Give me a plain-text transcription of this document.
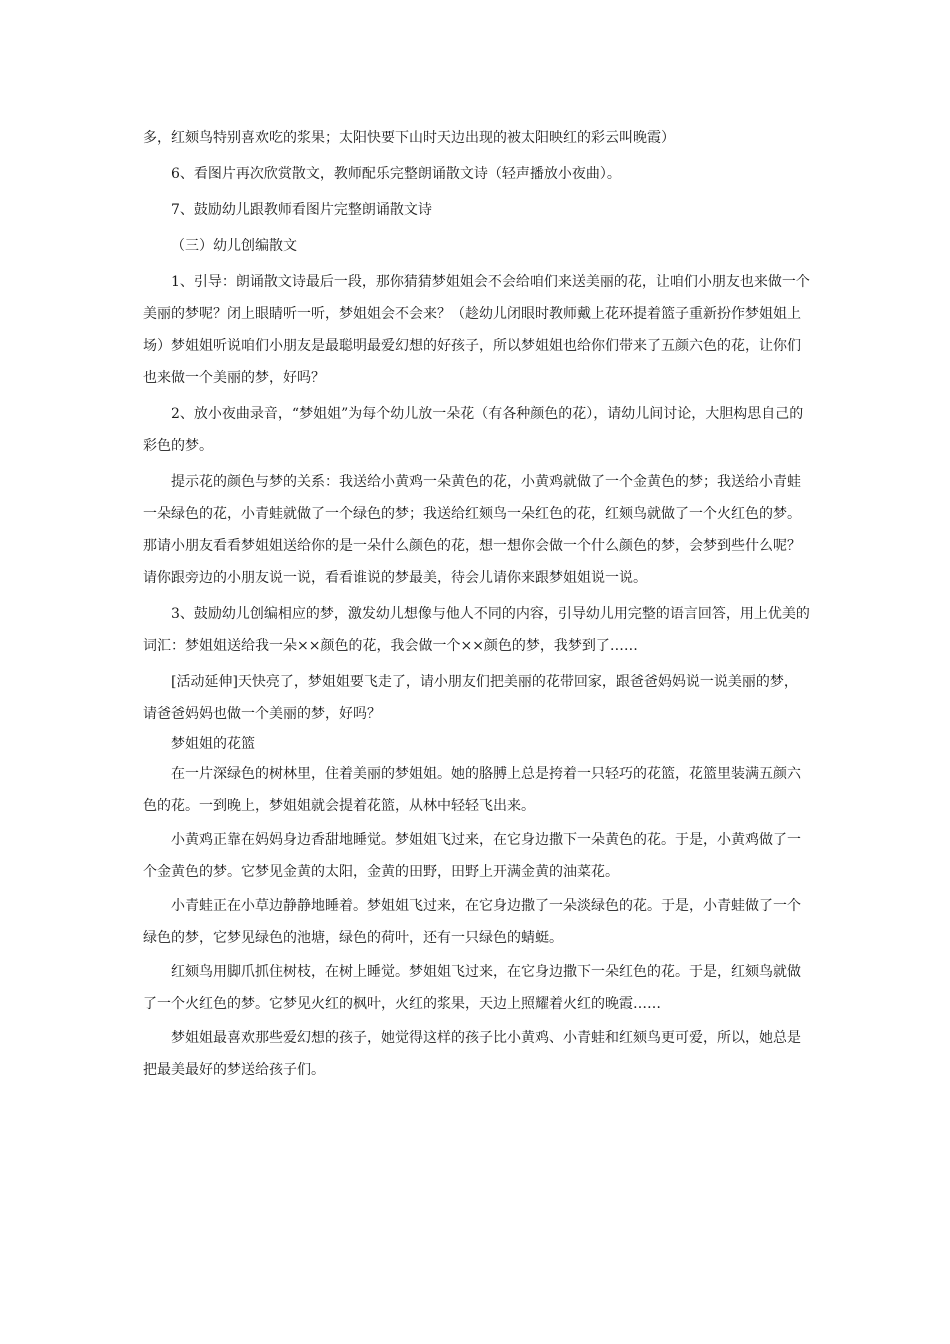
多，红颏鸟特别喜欢吃的浆果；太阳快要下山时天边出现的被太阳映红的彩云叫晚霞）

6、看图片再次欣赏散文，教师配乐完整朗诵散文诗（轻声播放小夜曲）。

7、鼓励幼儿跟教师看图片完整朗诵散文诗

（三）幼儿创编散文

1、引导：朗诵散文诗最后一段，那你猜猜梦姐姐会不会给咱们来送美丽的花，让咱们小朋友也来做一个美丽的梦呢？闭上眼睛听一听，梦姐姐会不会来？（趁幼儿闭眼时教师戴上花环提着篮子重新扮作梦姐姐上场）梦姐姐听说咱们小朋友是最聪明最爱幻想的好孩子，所以梦姐姐也给你们带来了五颜六色的花，让你们也来做一个美丽的梦，好吗？

2、放小夜曲录音，“梦姐姐”为每个幼儿放一朵花（有各种颜色的花），请幼儿间讨论，大胆构思自己的彩色的梦。

提示花的颜色与梦的关系：我送给小黄鸡一朵黄色的花，小黄鸡就做了一个金黄色的梦；我送给小青蛙一朵绿色的花，小青蛙就做了一个绿色的梦；我送给红颏鸟一朵红色的花，红颏鸟就做了一个火红色的梦。那请小朋友看看梦姐姐送给你的是一朵什么颜色的花，想一想你会做一个什么颜色的梦，会梦到些什么呢？请你跟旁边的小朋友说一说，看看谁说的梦最美，待会儿请你来跟梦姐姐说一说。

3、鼓励幼儿创编相应的梦，激发幼儿想像与他人不同的内容，引导幼儿用完整的语言回答，用上优美的词汇：梦姐姐送给我一朵××颜色的花，我会做一个××颜色的梦，我梦到了……

[活动延伸]天快亮了，梦姐姐要飞走了，请小朋友们把美丽的花带回家，跟爸爸妈妈说一说美丽的梦，请爸爸妈妈也做一个美丽的梦，好吗？

梦姐姐的花篮

在一片深绿色的树林里，住着美丽的梦姐姐。她的胳膊上总是挎着一只轻巧的花篮，花篮里装满五颜六色的花。一到晚上，梦姐姐就会提着花篮，从林中轻轻飞出来。

小黄鸡正靠在妈妈身边香甜地睡觉。梦姐姐飞过来，在它身边撒下一朵黄色的花。于是，小黄鸡做了一个金黄色的梦。它梦见金黄的太阳，金黄的田野，田野上开满金黄的油菜花。

小青蛙正在小草边静静地睡着。梦姐姐飞过来，在它身边撒了一朵淡绿色的花。于是，小青蛙做了一个绿色的梦，它梦见绿色的池塘，绿色的荷叶，还有一只绿色的蜻蜓。

红颏鸟用脚爪抓住树枝，在树上睡觉。梦姐姐飞过来，在它身边撒下一朵红色的花。于是，红颏鸟就做了一个火红色的梦。它梦见火红的枫叶，火红的浆果，天边上照耀着火红的晚霞……

梦姐姐最喜欢那些爱幻想的孩子，她觉得这样的孩子比小黄鸡、小青蛙和红颏鸟更可爱，所以，她总是把最美最好的梦送给孩子们。
